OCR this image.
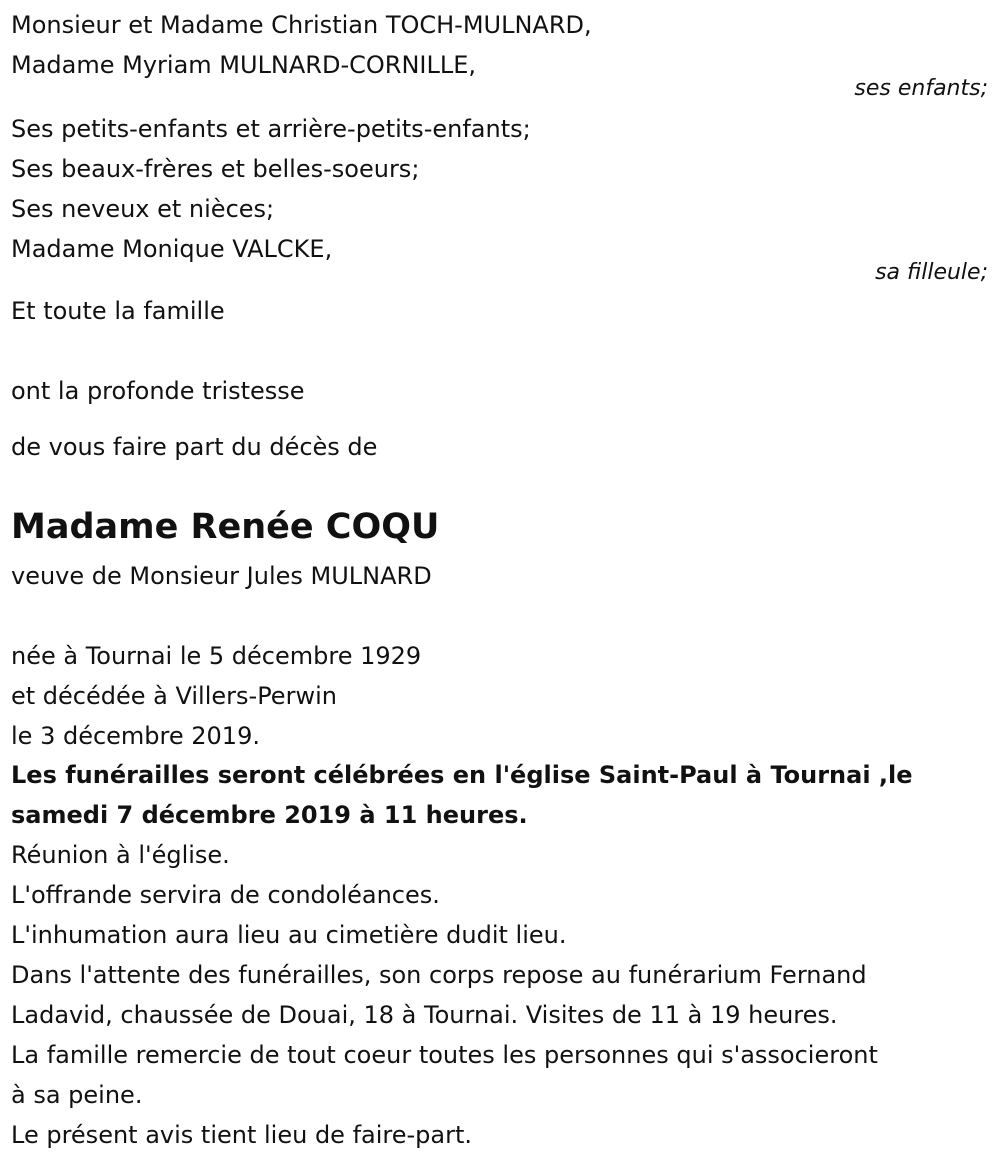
Monsieur et Madame Christian TOCH-MULNARD,
Madame Myriam MULNARD-CORNILLE,
ses enfants;
Ses petits-enfants et arrière-petits-enfants;
Ses beaux-frères et belles-soeurs;
Ses neveux et nièces;
Madame Monique VALCKE,
sa filleule;
Et toute la famille
ont la profonde tristesse
de vous faire part du décès de
Madame Renée COQU
veuve de Monsieur Jules MULNARD
née à Tournai le 5 décembre 1929
et décédée à Villers-Perwin
le 3 décembre 2019.
Les funérailles seront célébrées en l'église Saint-Paul à Tournai ,le
samedi 7 décembre 2019 à 11 heures.
Réunion à l'église.
L'offrande servira de condoléances.
L'inhumation aura lieu au cimetière dudit lieu.
Dans l'attente des funérailles, son corps repose au funérarium Fernand
Ladavid, chaussée de Douai, 18 à Tournai. Visites de 11 à 19 heures.
La famille remercie de tout coeur toutes les personnes qui s'associeront
à sa peine.
Le présent avis tient lieu de faire-part.
